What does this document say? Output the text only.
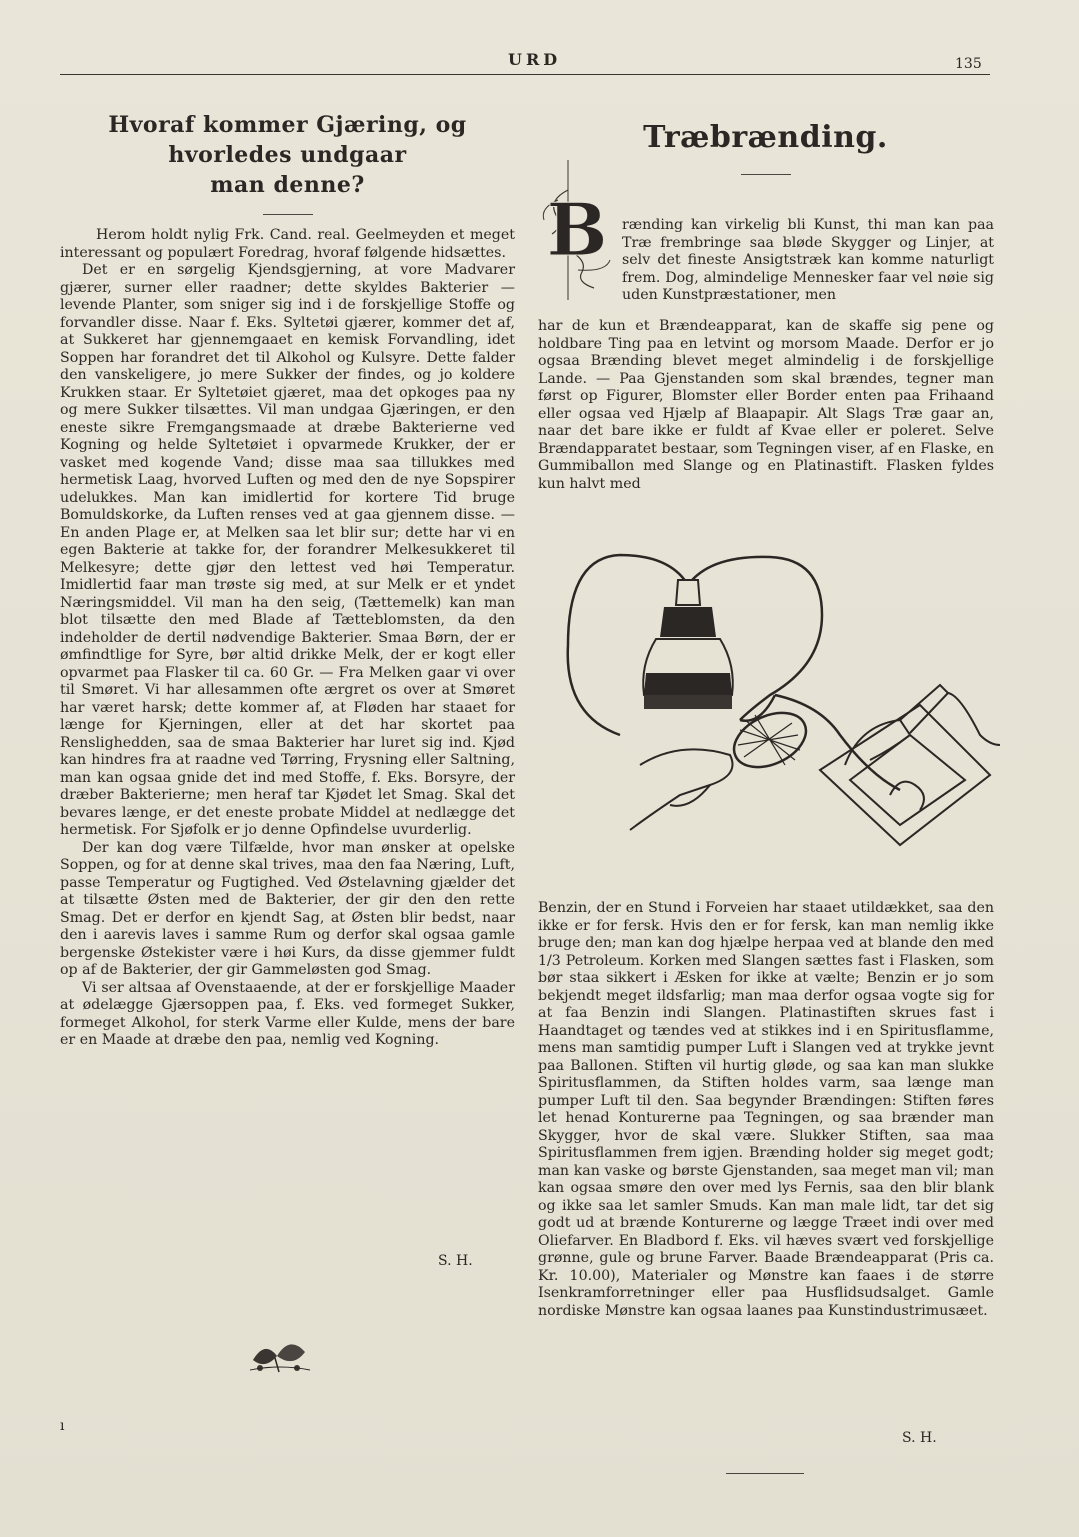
URD	135
Hvoraf kommer Gjæring, og hvorledes undgaar
man denne?

Herom holdt nylig Frk. Cand. real. Geelmeyden et meget interessant og populært Foredrag, hvoraf følgende hidsættes.

Det er en sørgelig Kjendsgjerning, at vore Madvarer gjærer, surner eller raadner; dette skyldes Bakterier — levende Planter, som sniger sig ind i de forskjellige Stoffe og forvandler disse. Naar f. Eks. Syltetøi gjærer, kommer det af, at Sukkeret har gjennemgaaet en kemisk Forvandling, idet Soppen har forandret det til Alkohol og Kulsyre. Dette falder den vanskeligere, jo mere Sukker der findes, og jo koldere Krukken staar. Er Syltetøiet gjæret, maa det opkoges paa ny og mere Sukker tilsættes. Vil man undgaa Gjæringen, er den eneste sikre Fremgangsmaade at dræbe Bakterierne ved Kogning og helde Syltetøiet i opvarmede Krukker, der er vasket med kogende Vand; disse maa saa tillukkes med hermetisk Laag, hvorved Luften og med den de nye Sopspirer udelukkes. Man kan imidlertid for kortere Tid bruge Bomuldskorke, da Luften renses ved at gaa gjennem disse. — En anden Plage er, at Melken saa let blir sur; dette har vi en egen Bakterie at takke for, der forandrer Melkesukkeret til Melkesyre; dette gjør den lettest ved høi Temperatur. Imidlertid faar man trøste sig med, at sur Melk er et yndet Næringsmiddel. Vil man ha den seig, (Tættemelk) kan man blot tilsætte den med Blade af Tætteblomsten, da den indeholder de dertil nødvendige Bakterier. Smaa Børn, der er ømfindtlige for Syre, bør altid drikke Melk, der er kogt eller opvarmet paa Flasker til ca. 60 Gr. — Fra Melken gaar vi over til Smøret. Vi har allesammen ofte ærgret os over at Smøret har været harsk; dette kommer af, at Fløden har staaet for længe for Kjerningen, eller at det har skortet paa Renslighedden, saa de smaa Bakterier har luret sig ind. Kjød kan hindres fra at raadne ved Tørring, Frysning eller Saltning, man kan ogsaa gnide det ind med Stoffe, f. Eks. Borsyre, der dræber Bakterierne; men heraf tar Kjødet let Smag. Skal det bevares længe, er det eneste probate Middel at nedlægge det hermetisk. For Sjøfolk er jo denne Opfindelse uvurderlig.

Der kan dog være Tilfælde, hvor man ønsker at opelske Soppen, og for at denne skal trives, maa den faa Næring, Luft, passe Temperatur og Fugtighed. Ved Østelavning gjælder det at tilsætte Østen med de Bakterier, der gir den den rette Smag. Det er derfor en kjendt Sag, at Østen blir bedst, naar den i aarevis laves i samme Rum og derfor skal ogsaa gamle bergenske Østekister være i høi Kurs, da disse gjemmer fuldt op af de Bakterier, der gir Gammeløsten god Smag.

Vi ser altsaa af Ovenstaaende, at der er forskjellige Maader at ødelægge Gjærsoppen paa, f. Eks. ved formeget Sukker, formeget Alkohol, for sterk Varme eller Kulde, mens der bare er en Maade at dræbe den paa, nemlig ved Kogning.

S. H.
ı
Træbrænding.
B rænding kan virkelig bli Kunst, thi man kan paa Træ frembringe saa bløde Skygger og Linjer, at selv det fineste Ansigtstræk kan komme naturligt frem. Dog, almindelige Mennesker faar vel nøie sig uden Kunstpræstationer, men

har de kun et Brændeapparat, kan de skaffe sig pene og holdbare Ting paa en letvint og morsom Maade. Derfor er jo ogsaa Brænding blevet meget almindelig i de forskjellige Lande. — Paa Gjenstanden som skal brændes, tegner man først op Figurer, Blomster eller Border enten paa Frihaand eller ogsaa ved Hjælp af Blaapapir. Alt Slags Træ gaar an, naar det bare ikke er fuldt af Kvae eller er poleret. Selve Brændapparatet bestaar, som Tegningen viser, af en Flaske, en Gummiballon med Slange og en Platinastift. Flasken fyldes kun halvt med

Benzin, der en Stund i Forveien har staaet utildækket, saa den ikke er for fersk. Hvis den er for fersk, kan man nemlig ikke bruge den; man kan dog hjælpe herpaa ved at blande den med 1/3 Petroleum. Korken med Slangen sættes fast i Flasken, som bør staa sikkert i Æsken for ikke at vælte; Benzin er jo som bekjendt meget ildsfarlig; man maa derfor ogsaa vogte sig for at faa Benzin indi Slangen. Platinastiften skrues fast i Haandtaget og tændes ved at stikkes ind i en Spiritusflamme, mens man samtidig pumper Luft i Slangen ved at trykke jevnt paa Ballonen. Stiften vil hurtig gløde, og saa kan man slukke Spiritusflammen, da Stiften holdes varm, saa længe man pumper Luft til den. Saa begynder Brændingen: Stiften føres let henad Konturerne paa Tegningen, og saa brænder man Skygger, hvor de skal være. Slukker Stiften, saa maa Spiritusflammen frem igjen. Brænding holder sig meget godt; man kan vaske og børste Gjenstanden, saa meget man vil; man kan ogsaa smøre den over med lys Fernis, saa den blir blank og ikke saa let samler Smuds. Kan man male lidt, tar det sig godt ud at brænde Konturerne og lægge Træet indi over med Oliefarver. En Bladbord f. Eks. vil hæves svært ved forskjellige grønne, gule og brune Farver. Baade Brændeapparat (Pris ca. Kr. 10.00), Materialer og Mønstre kan faaes i de større Isenkramforretninger eller paa Husflidsudsalget. Gamle nordiske Mønstre kan ogsaa laanes paa Kunstindustrimusæet.

S. H.
